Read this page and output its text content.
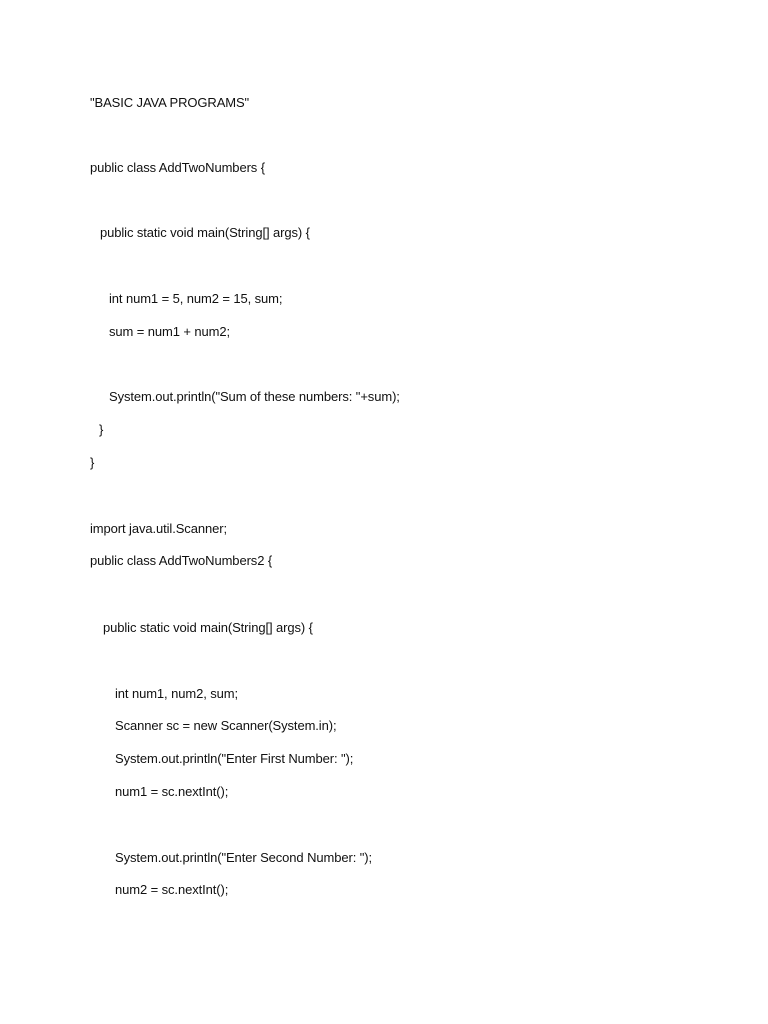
"BASIC JAVA PROGRAMS"
public class AddTwoNumbers {
public static void main(String[] args) {
int num1 = 5, num2 = 15, sum;
sum = num1 + num2;
System.out.println("Sum of these numbers: "+sum);
}
}
import java.util.Scanner;
public class AddTwoNumbers2 {
public static void main(String[] args) {
int num1, num2, sum;
Scanner sc = new Scanner(System.in);
System.out.println("Enter First Number: ");
num1 = sc.nextInt();
System.out.println("Enter Second Number: ");
num2 = sc.nextInt();
